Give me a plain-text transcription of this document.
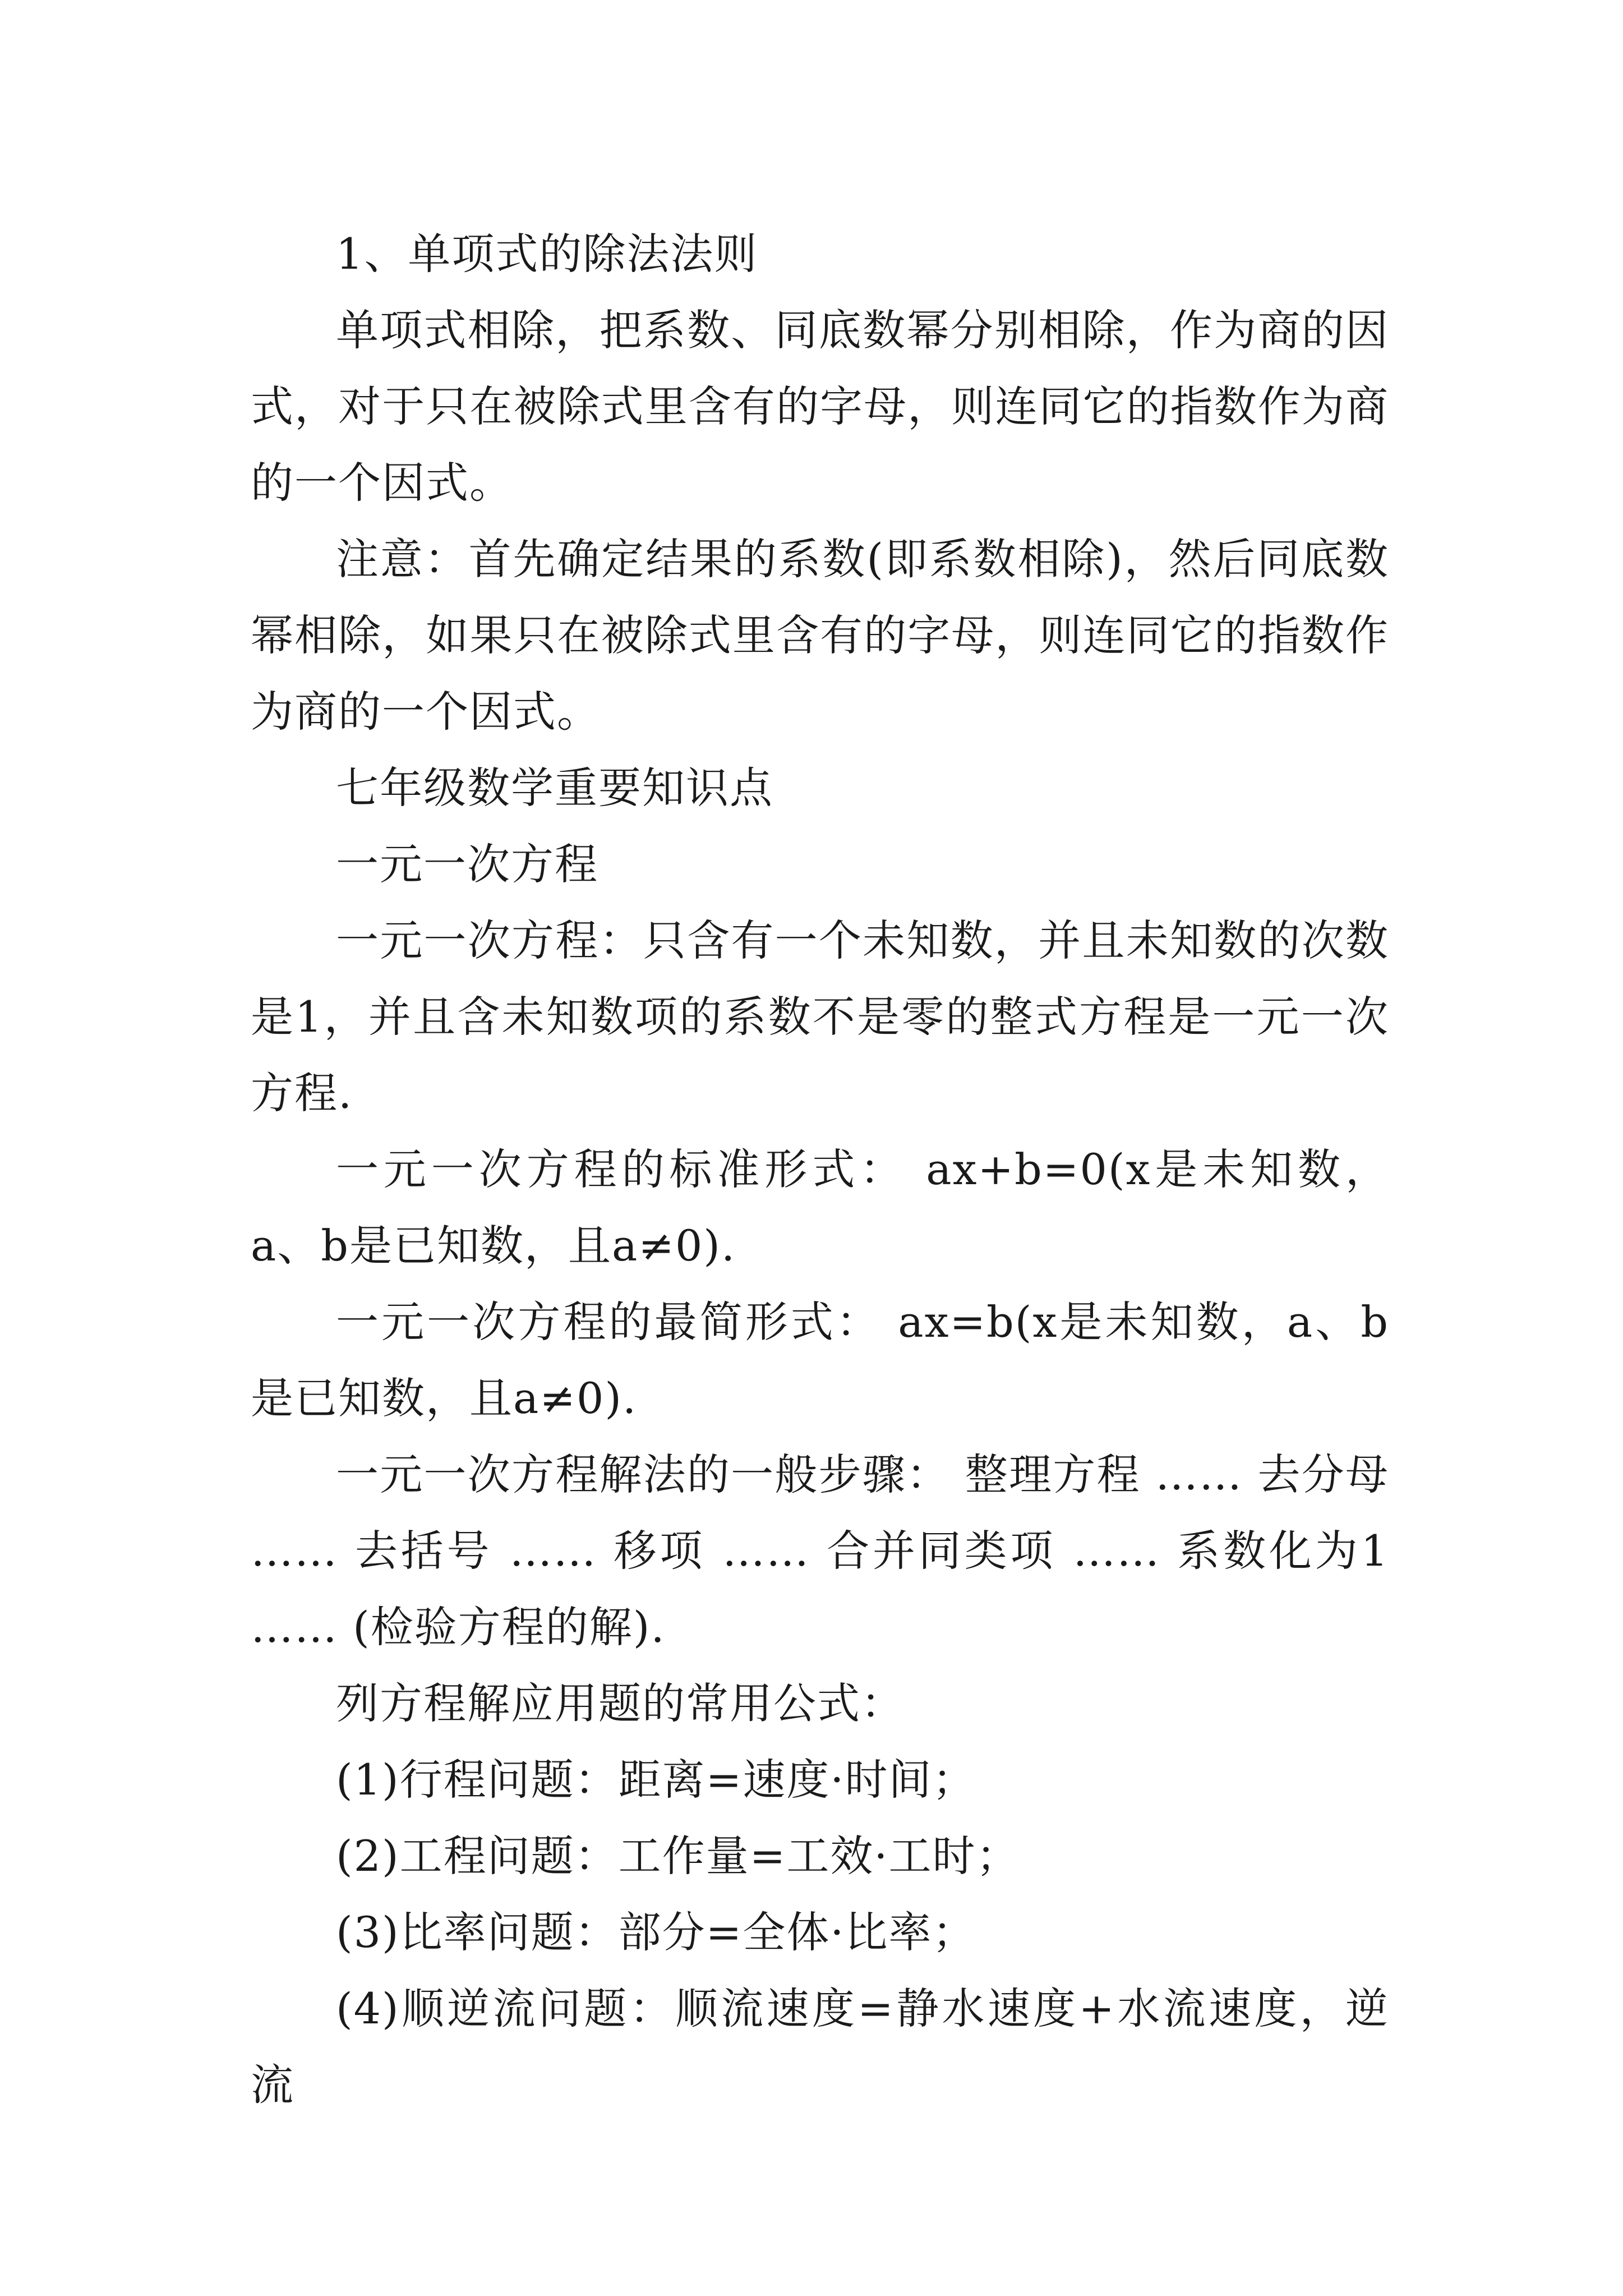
1、单项式的除法法则

单项式相除，把系数、同底数幂分别相除，作为商的因式，对于只在被除式里含有的字母，则连同它的指数作为商的一个因式。

注意：首先确定结果的系数(即系数相除)，然后同底数幂相除，如果只在被除式里含有的字母，则连同它的指数作为商的一个因式。

七年级数学重要知识点

一元一次方程

一元一次方程：只含有一个未知数，并且未知数的次数是1，并且含未知数项的系数不是零的整式方程是一元一次方程.

一元一次方程的标准形式： ax+b=0(x是未知数，a、b是已知数，且a≠0).

一元一次方程的最简形式： ax=b(x是未知数，a、b是已知数，且a≠0).

一元一次方程解法的一般步骤： 整理方程 …… 去分母 …… 去括号 …… 移项 …… 合并同类项 …… 系数化为1 …… (检验方程的解).

列方程解应用题的常用公式：

(1)行程问题：距离=速度·时间；

(2)工程问题：工作量=工效·工时；

(3)比率问题：部分=全体·比率；

(4)顺逆流问题：顺流速度=静水速度+水流速度，逆流
